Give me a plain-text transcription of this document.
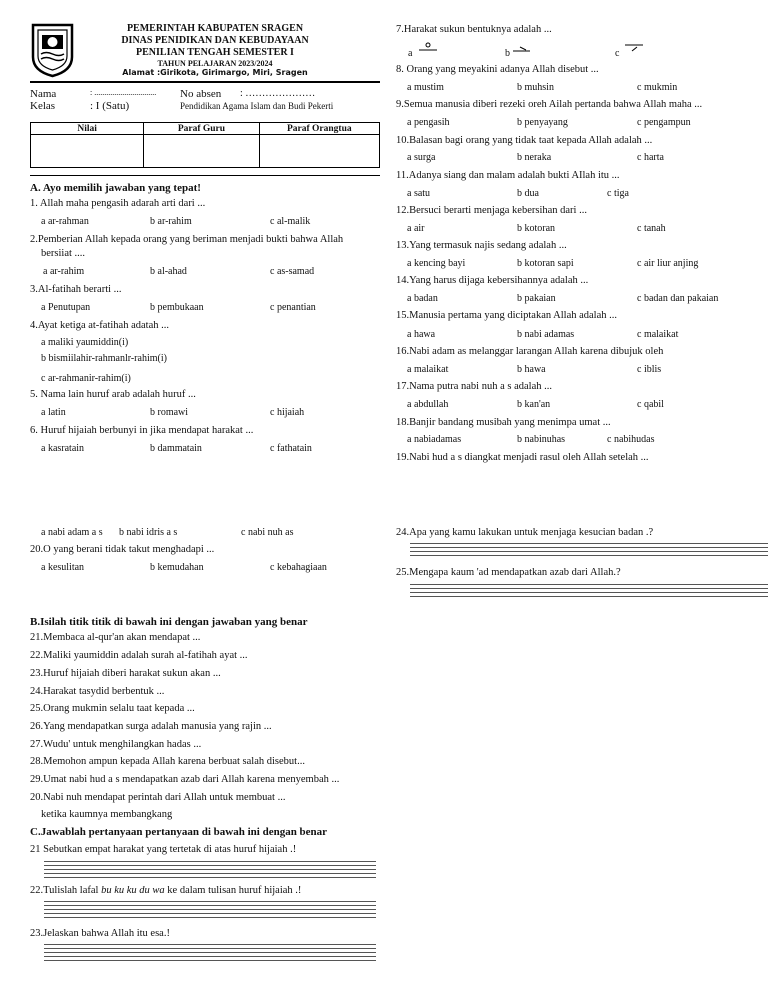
PEMERINTAH KABUPATEN SRAGEN
DINAS PENIDIKAN DAN KEBUDAYAAN
PENILIAN TENGAH SEMESTER I
TAHUN PELAJARAN 2023/2024
Alamat :Girikota, Girimargo, Miri, Sragen
Nama	: ............................... No absen : …………………
Kelas	: I (Satu)	Pendidikan Agama Islam dan Budi Pekerti
Nilai	Paraf Guru	Paraf Orangtua

A. Ayo memilih jawaban yang tepat!
1. Allah maha pengasih adarah arti dari ...
a ar-rahman	b ar-rahim	c al-malik
2.Pemberian Allah kepada orang yang beriman menjadi bukti bahwa Allah
bersiiat ....
a ar-rahim	b al-ahad	c as-samad
3.Al-fatihah berarti ...
a Penutupan	b pembukaan	c penantian
4.Ayat ketiga at-fatihah adatah ...
a maliki yaumiddin(i)
b bismiilahir-rahmanlr-rahim(i)
c ar-rahmanir-rahim(i)
5. Nama lain huruf arab adalah huruf ...
a latin	b romawi	c hijaiah
6. Huruf hijaiah berbunyi in jika mendapat harakat ...
a kasratain	b dammatain	c fathatain
7.Harakat sukun bentuknya adalah ...
a	b	c
8. Orang yang meyakini adanya Allah disebut ...
a mustim	b muhsin	c mukmin
9.Semua manusia diberi rezeki oreh Ailah pertanda bahwa Allah maha ...
a pengasih	b penyayang	c pengampun
10.Balasan bagi orang yang tidak taat kepada Allah adalah ...
a surga	b neraka	c harta
11.Adanya siang dan malam adalah bukti AIlah itu ...
a satu	b dua	c tiga
12.Bersuci berarti menjaga kebersihan dari ...
a air	b kotoran	c tanah
13.Yang termasuk najis sedang adalah ...
a kencing bayi	b kotoran sapi	c air liur anjing
14.Yang harus dijaga kebersihannya adalah ...
a badan	b pakaian	c badan dan pakaian
15.Manusia pertama yang diciptakan Allah adalah ...
a hawa	b nabi adamas	c malaikat
16.Nabi adam as melanggar larangan Allah karena dibujuk oleh
a malaikat	b hawa	c iblis
17.Nama putra nabi nuh a s adalah ...
a abdullah	b kan'an	c qabil
18.Banjir bandang musibah yang menimpa umat ...
a nabiadamas	b nabinuhas	c nabihudas
19.Nabi hud a s diangkat menjadi rasul oleh Allah setelah ...
a nabi adam a s b nabi idris a s	c nabi nuh as
20.O yang berani tidak takut menghadapi ...
a kesulitan	b kemudahan	c kebahagiaan
24.Apa yang kamu lakukan untuk menjaga kesucian badan .?
25.Mengapa kaum 'ad mendapatkan azab dari Allah.?
B.Isilah titik titik di bawah ini dengan jawaban yang benar
21.Membaca al-qur'an akan mendapat ...
22.Maliki yaumiddin adalah surah al-fatihah ayat ...
23.Huruf hijaiah diberi harakat sukun akan ...
24.Harakat tasydid berbentuk ...
25.Orang mukmin selalu taat kepada ...
26.Yang mendapatkan surga adalah manusia yang rajin ...
27.Wudu' untuk menghilangkan hadas ...
28.Memohon ampun kepada Allah karena berbuat salah disebut...
29.Umat nabi hud a s mendapatkan azab dari Allah karena menyembah ...
20.Nabi nuh mendapat perintah dari Allah untuk membuat ...
ketika kaumnya membangkang
C.Jawablah pertanyaan pertanyaan di bawah ini dengan benar
21 Sebutkan empat harakat yang tertetak di atas huruf hijaiah .!
22.Tulislah lafal bu ku ku du wa ke dalam tulisan huruf hijaiah .!
23.Jelaskan bahwa Allah itu esa.!
